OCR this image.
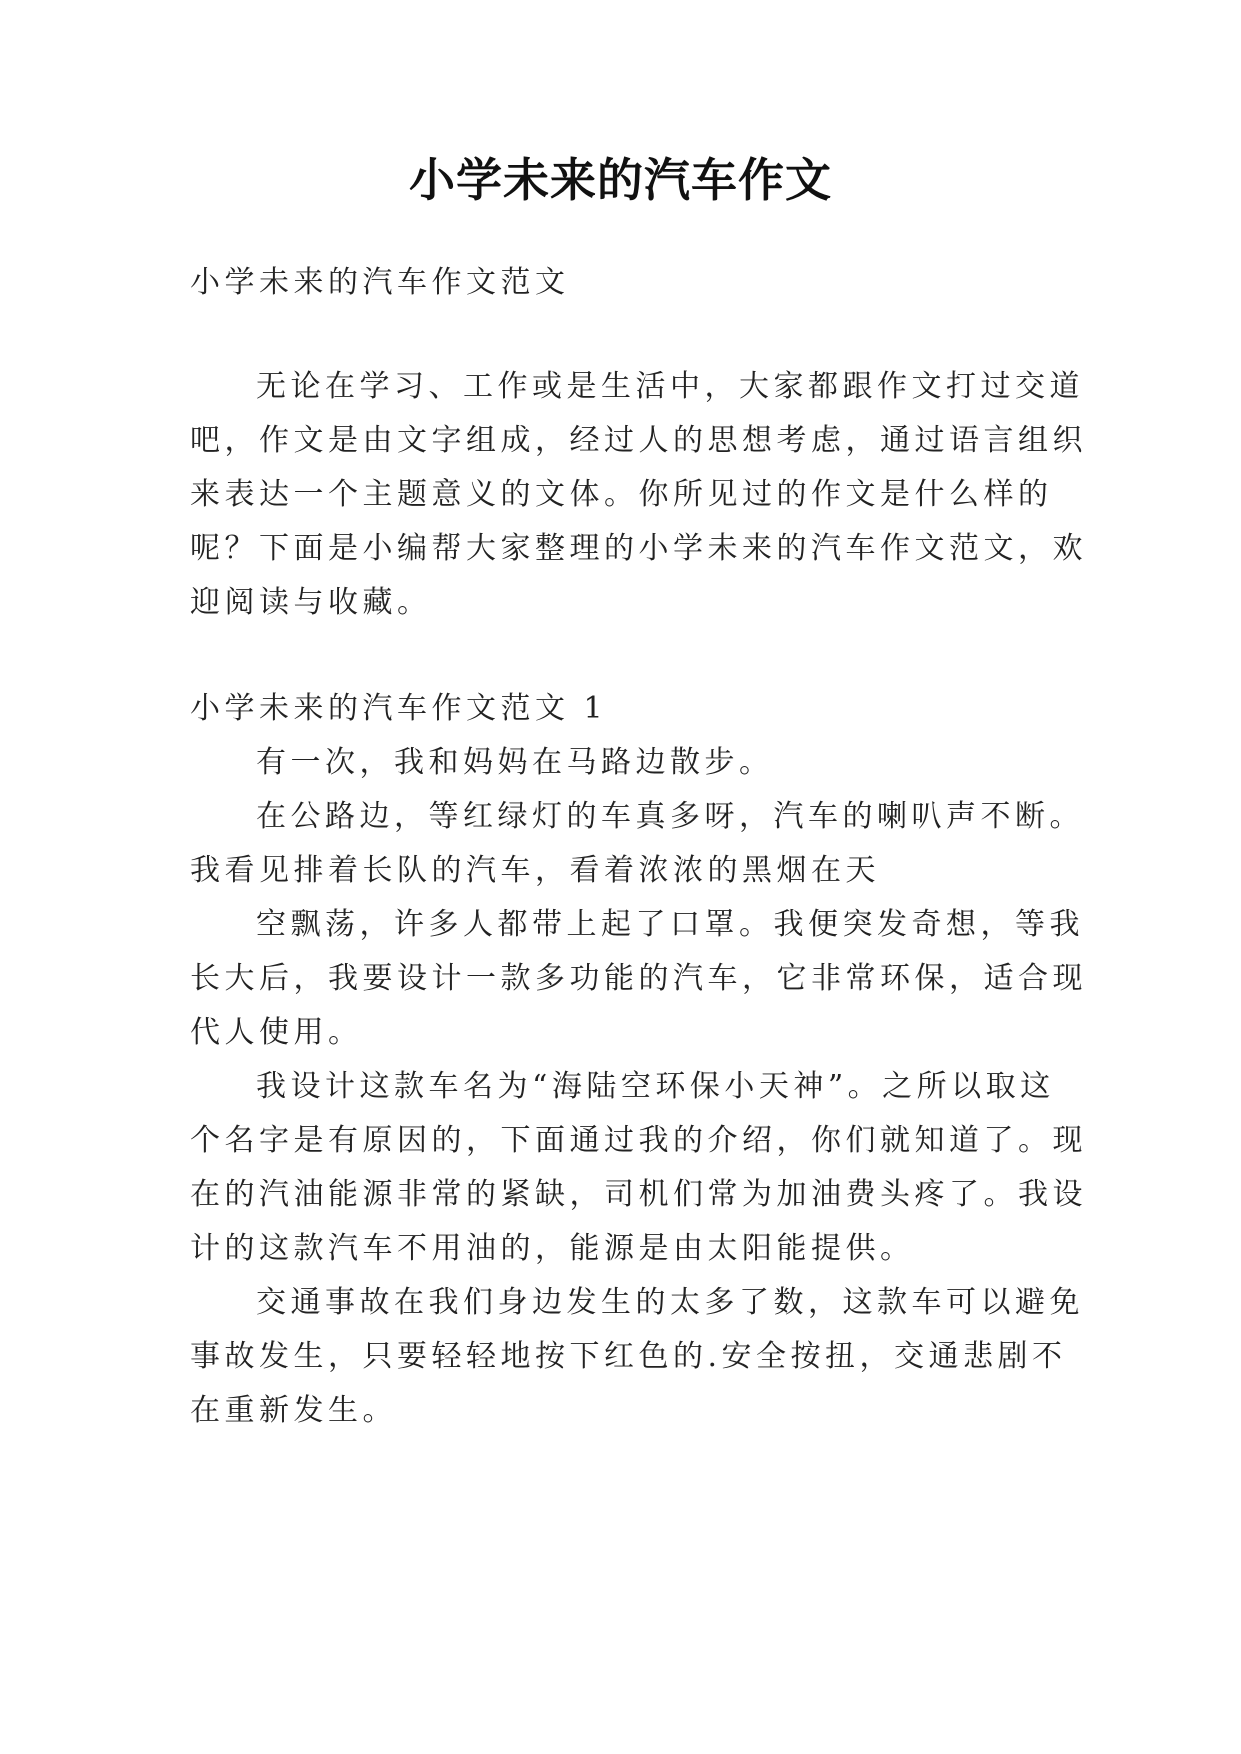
小学未来的汽车作文
小学未来的汽车作文范文
无论在学习、工作或是生活中，大家都跟作文打过交道
吧，作文是由文字组成，经过人的思想考虑，通过语言组织
来表达一个主题意义的文体。你所见过的作文是什么样的
呢？下面是小编帮大家整理的小学未来的汽车作文范文，欢
迎阅读与收藏。
小学未来的汽车作文范文 1
有一次，我和妈妈在马路边散步。
在公路边，等红绿灯的车真多呀，汽车的喇叭声不断。
我看见排着长队的汽车，看着浓浓的黑烟在天
空飘荡，许多人都带上起了口罩。我便突发奇想，等我
长大后，我要设计一款多功能的汽车，它非常环保，适合现
代人使用。
我设计这款车名为“海陆空环保小天神”。之所以取这
个名字是有原因的，下面通过我的介绍，你们就知道了。现
在的汽油能源非常的紧缺，司机们常为加油费头疼了。我设
计的这款汽车不用油的，能源是由太阳能提供。
交通事故在我们身边发生的太多了数，这款车可以避免
事故发生，只要轻轻地按下红色的.安全按扭，交通悲剧不
在重新发生。
